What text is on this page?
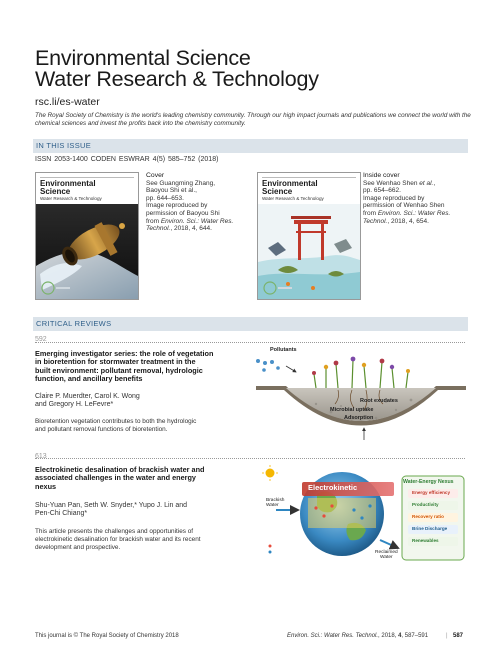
Environmental Science
Water Research & Technology
rsc.li/es-water
The Royal Society of Chemistry is the world's leading chemistry community. Through our high impact journals and publications we connect the world with the chemical sciences and invest the profits back into the chemistry community.
IN THIS ISSUE
ISSN 2053-1400 CODEN ESWRAR 4(5) 585–752 (2018)
Environmental
Science
Water Research & Technology
Cover
See Guangming Zhang,
Baoyou Shi et al.,
pp. 644–653.
Image reproduced by
permission of Baoyou Shi
from Environ. Sci.: Water Res.
Technol., 2018, 4, 644.
Environmental
Science
Water Research & Technology
Inside cover
See Wenhao Shen et al.,
pp. 654–662.
Image reproduced by
permission of Wenhao Shen
from Environ. Sci.: Water Res.
Technol., 2018, 4, 654.
CRITICAL REVIEWS
592
Emerging investigator series: the role of vegetation
in bioretention for stormwater treatment in the
built environment: pollutant removal, hydrologic
function, and ancillary benefits
Claire P. Muerdter, Carol K. Wong
and Gregory H. LeFevre*
Bioretention vegetation contributes to both the hydrologic
and pollutant removal functions of bioretention.
Pollutants
Root exudates
Microbial uptake
Adsorption
613
Electrokinetic desalination of brackish water and
associated challenges in the water and energy
nexus
Shu-Yuan Pan, Seth W. Snyder,* Yupo J. Lin and
Pen-Chi Chiang*
This article presents the challenges and opportunities of
electrokinetic desalination for brackish water and its recent
development and prospective.
Electrokinetic
Brackish
Water
Reclaimed
Water
Water-Energy Nexus
Energy efficiency
Productivity
Recovery ratio
Brine Discharge
Renewables
This journal is © The Royal Society of Chemistry 2018	Environ. Sci.: Water Res. Technol., 2018, 4, 587–591	| 587
